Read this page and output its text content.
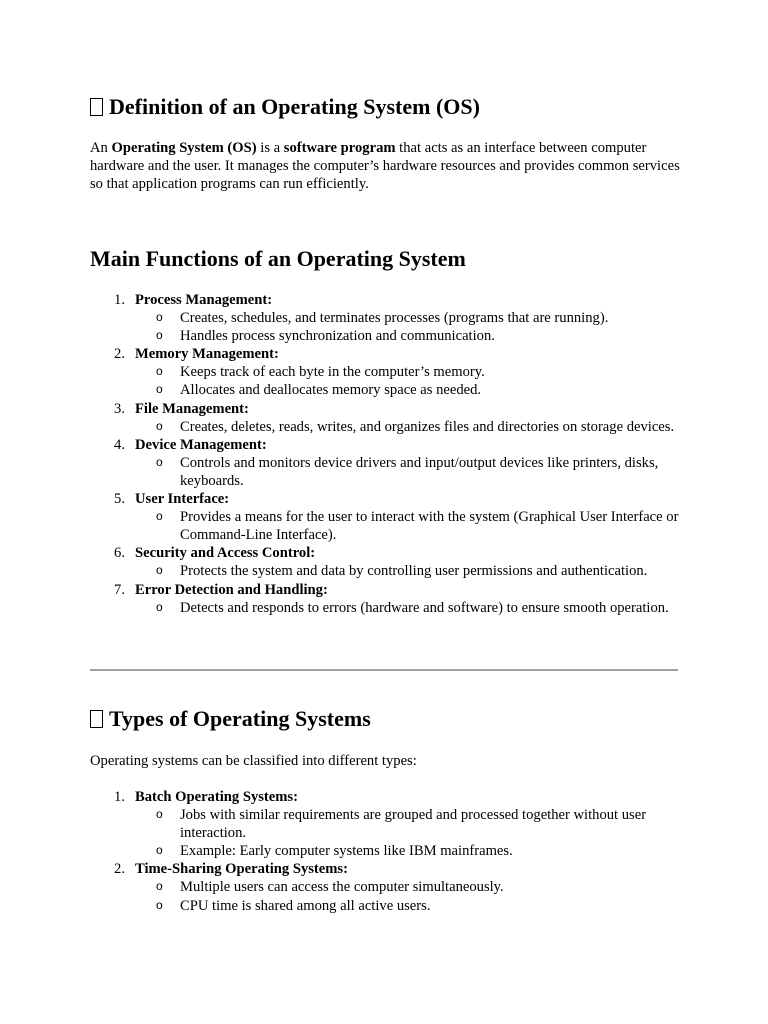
Definition of an Operating System (OS)

An Operating System (OS) is a software program that acts as an interface between computer hardware and the user. It manages the computer’s hardware resources and provides common services so that application programs can run efficiently.

Main Functions of an Operating System
1. Process Management:
o Creates, schedules, and terminates processes (programs that are running).
o Handles process synchronization and communication.
2. Memory Management:
o Keeps track of each byte in the computer’s memory.
o Allocates and deallocates memory space as needed.
3. File Management:
o Creates, deletes, reads, writes, and organizes files and directories on storage devices.
4. Device Management:
o Controls and monitors device drivers and input/output devices like printers, disks, keyboards.
5. User Interface:
o Provides a means for the user to interact with the system (Graphical User Interface or Command-Line Interface).
6. Security and Access Control:
o Protects the system and data by controlling user permissions and authentication.
7. Error Detection and Handling:
o Detects and responds to errors (hardware and software) to ensure smooth operation.
Types of Operating Systems

Operating systems can be classified into different types:

1. Batch Operating Systems:
o Jobs with similar requirements are grouped and processed together without user interaction.
o Example: Early computer systems like IBM mainframes.
2. Time-Sharing Operating Systems:
o Multiple users can access the computer simultaneously.
o CPU time is shared among all active users.
